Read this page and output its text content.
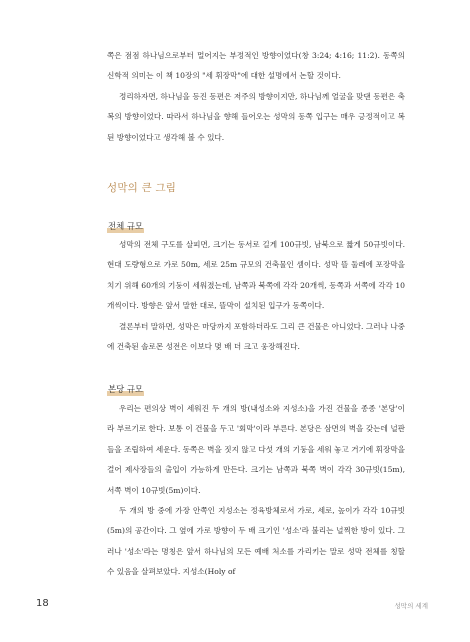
쪽은 점점 하나님으로부터 멀어지는 부정적인 방향이었다(창 3:24; 4:16; 11:2). 동쪽의 신학적 의미는 이 책 10장의 "세 휘장막"에 대한 설명에서 논할 것이다.

정리하자면, 하나님을 등진 동편은 저주의 방향이지만, 하나님께 얼굴을 맞댄 동편은 축복의 방향이었다. 따라서 하나님을 향해 들어오는 성막의 동쪽 입구는 매우 긍정적이고 복된 방향이었다고 생각해 볼 수 있다.

성막의 큰 그림
전체 규모

성막의 전체 구도를 살피면, 크기는 동서로 길게 100규빗, 남북으로 짧게 50규빗이다. 현대 도량형으로 가로 50m, 세로 25m 규모의 건축물인 셈이다. 성막 뜰 둘레에 포장막을 치기 위해 60개의 기둥이 세워졌는데, 남쪽과 북쪽에 각각 20개씩, 동쪽과 서쪽에 각각 10개씩이다. 방향은 앞서 말한 대로, 뜰막이 설치된 입구가 동쪽이다.

결론부터 말하면, 성막은 마당까지 포함하더라도 그리 큰 건물은 아니었다. 그러나 나중에 건축된 솔로몬 성전은 이보다 몇 배 더 크고 웅장해진다.

본당 규모

우리는 편의상 벽이 세워진 두 개의 방(내성소와 지성소)을 가진 건물을 종종 '본당'이라 부르기로 한다. 보통 이 건물을 두고 '회막'이라 부른다. 본당은 삼면의 벽을 갖는데 널판들을 조립하여 세운다. 동쪽은 벽을 짓지 않고 다섯 개의 기둥을 세워 놓고 거기에 휘장막을 걸어 제사장들의 출입이 가능하게 만든다. 크기는 남쪽과 북쪽 벽이 각각 30규빗(15m), 서쪽 벽이 10규빗(5m)이다.

두 개의 방 중에 가장 안쪽인 지성소는 정육방체로서 가로, 세로, 높이가 각각 10규빗(5m)의 공간이다. 그 옆에 가로 방향이 두 배 크기인 '성소'라 불리는 널찍한 방이 있다. 그러나 '성소'라는 명칭은 앞서 하나님의 모든 예배 처소를 가리키는 말로 성막 전체를 칭할 수 있음을 살펴보았다. 지성소(Holy of

18	성막의 세계
